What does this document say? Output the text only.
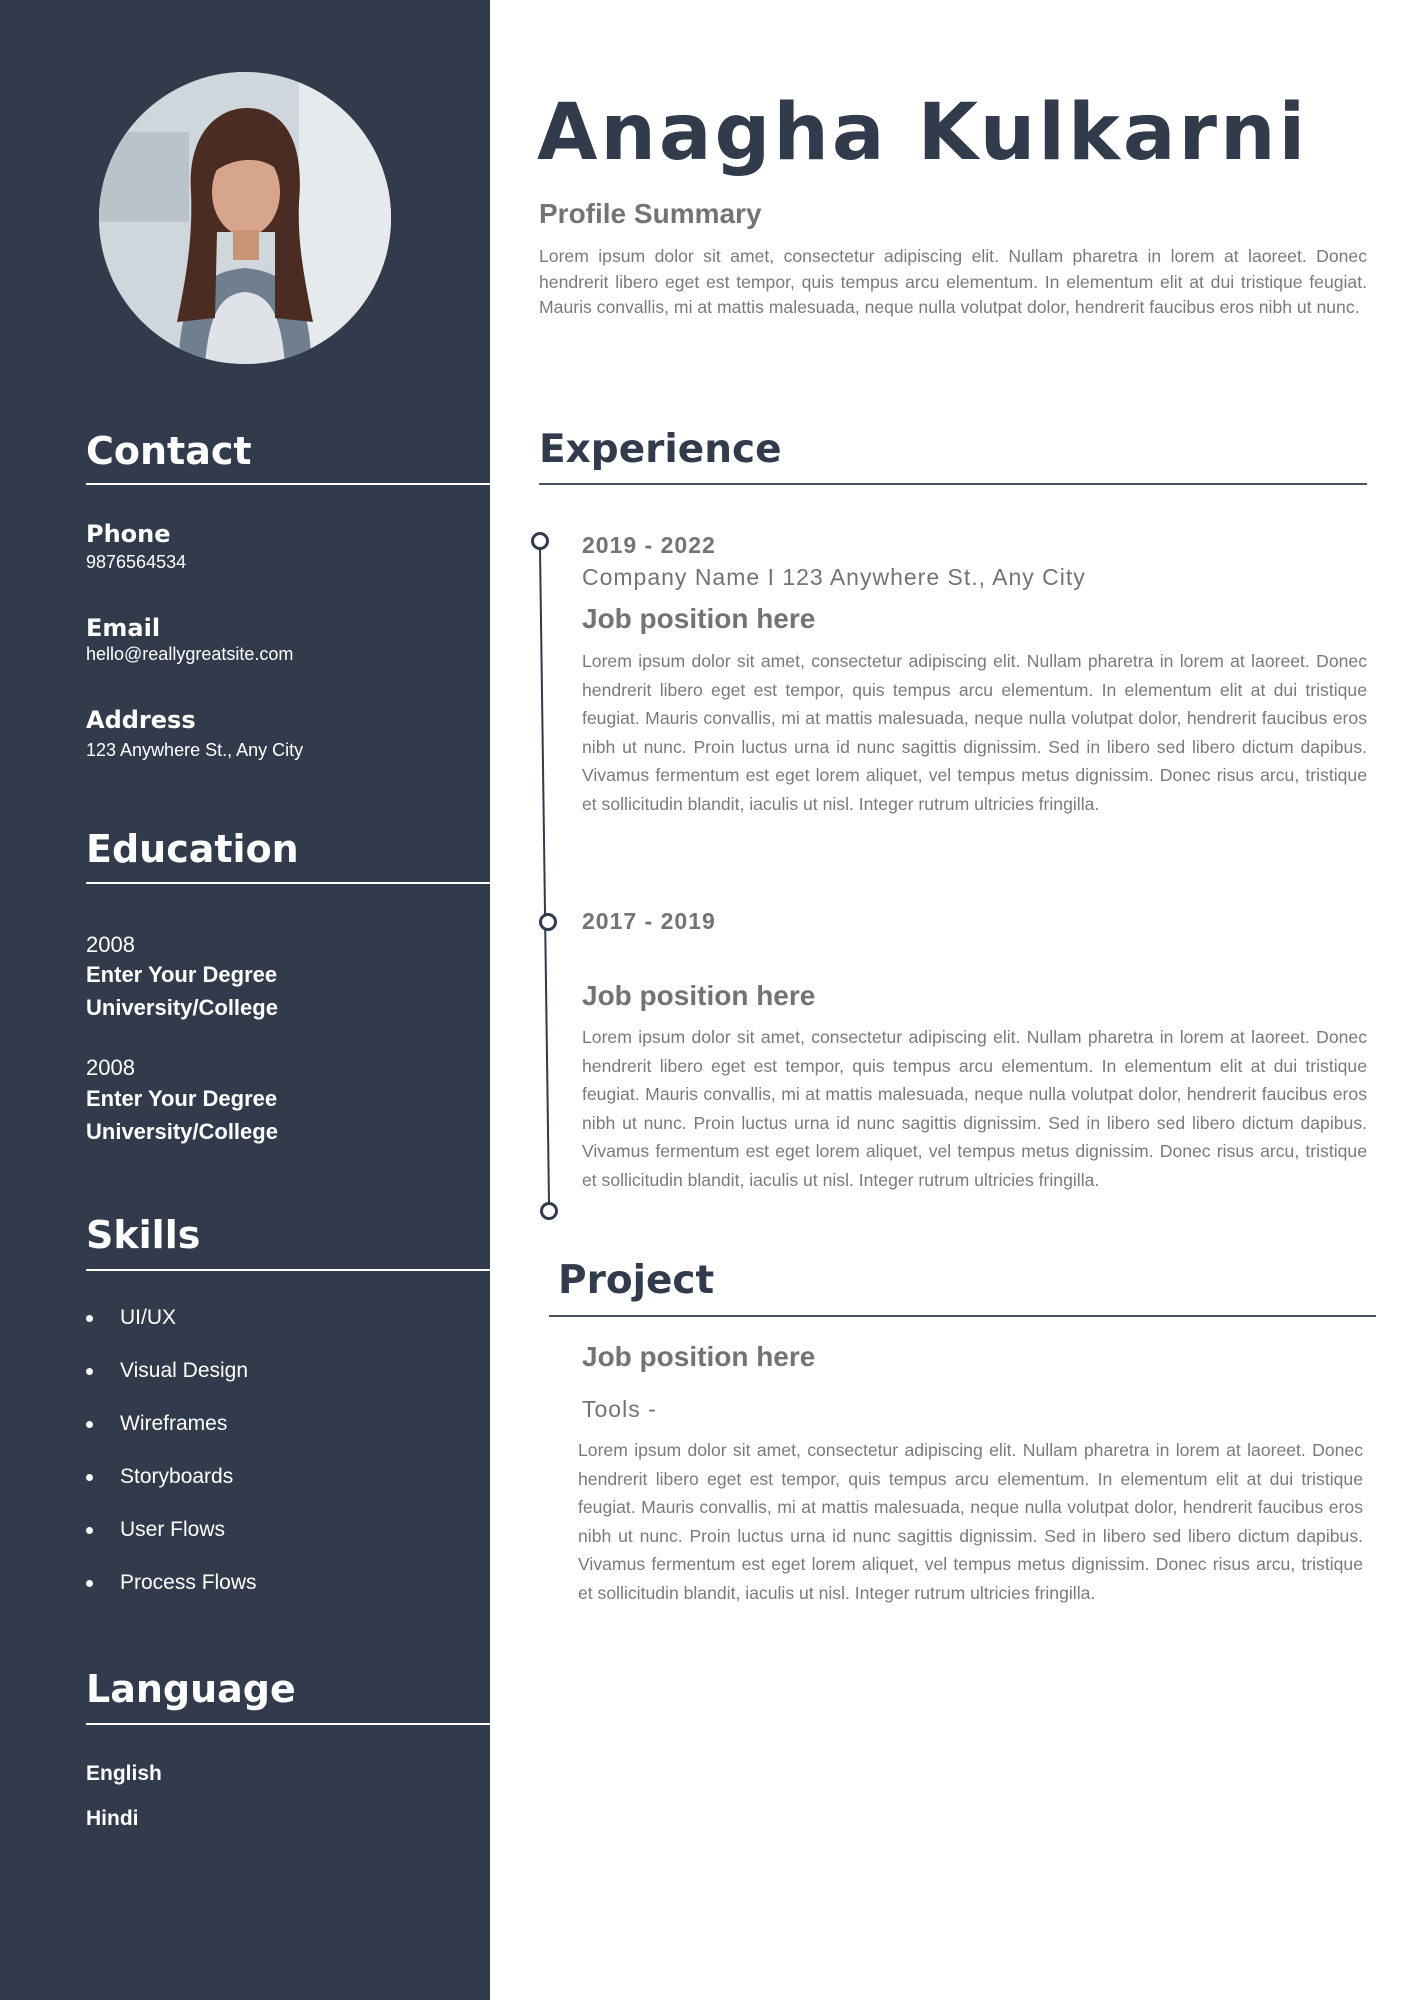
Contact
Phone
9876564534
Email
hello@reallygreatsite.com
Address
123 Anywhere St., Any City
Education
2008
Enter Your Degree
University/College
2008
Enter Your Degree
University/College
Skills
UI/UX
Visual Design
Wireframes
Storyboards
User Flows
Process Flows
Language
English
Hindi
Anagha Kulkarni
Profile Summary

Lorem ipsum dolor sit amet, consectetur adipiscing elit. Nullam pharetra in lorem at laoreet. Donec hendrerit libero eget est tempor, quis tempus arcu elementum. In elementum elit at dui tristique feugiat. Mauris convallis, mi at mattis malesuada, neque nulla volutpat dolor, hendrerit faucibus eros nibh ut nunc.

Experience
2019 - 2022
Company Name I 123 Anywhere St., Any City
Job position here

Lorem ipsum dolor sit amet, consectetur adipiscing elit. Nullam pharetra in lorem at laoreet. Donec hendrerit libero eget est tempor, quis tempus arcu elementum. In elementum elit at dui tristique feugiat. Mauris convallis, mi at mattis malesuada, neque nulla volutpat dolor, hendrerit faucibus eros nibh ut nunc. Proin luctus urna id nunc sagittis dignissim. Sed in libero sed libero dictum dapibus. Vivamus fermentum est eget lorem aliquet, vel tempus metus dignissim. Donec risus arcu, tristique et sollicitudin blandit, iaculis ut nisl. Integer rutrum ultricies fringilla.

2017 - 2019
Job position here

Lorem ipsum dolor sit amet, consectetur adipiscing elit. Nullam pharetra in lorem at laoreet. Donec hendrerit libero eget est tempor, quis tempus arcu elementum. In elementum elit at dui tristique feugiat. Mauris convallis, mi at mattis malesuada, neque nulla volutpat dolor, hendrerit faucibus eros nibh ut nunc. Proin luctus urna id nunc sagittis dignissim. Sed in libero sed libero dictum dapibus. Vivamus fermentum est eget lorem aliquet, vel tempus metus dignissim. Donec risus arcu, tristique et sollicitudin blandit, iaculis ut nisl. Integer rutrum ultricies fringilla.

Project
Job position here
Tools -

Lorem ipsum dolor sit amet, consectetur adipiscing elit. Nullam pharetra in lorem at laoreet. Donec hendrerit libero eget est tempor, quis tempus arcu elementum. In elementum elit at dui tristique feugiat. Mauris convallis, mi at mattis malesuada, neque nulla volutpat dolor, hendrerit faucibus eros nibh ut nunc. Proin luctus urna id nunc sagittis dignissim. Sed in libero sed libero dictum dapibus. Vivamus fermentum est eget lorem aliquet, vel tempus metus dignissim. Donec risus arcu, tristique et sollicitudin blandit, iaculis ut nisl. Integer rutrum ultricies fringilla.
